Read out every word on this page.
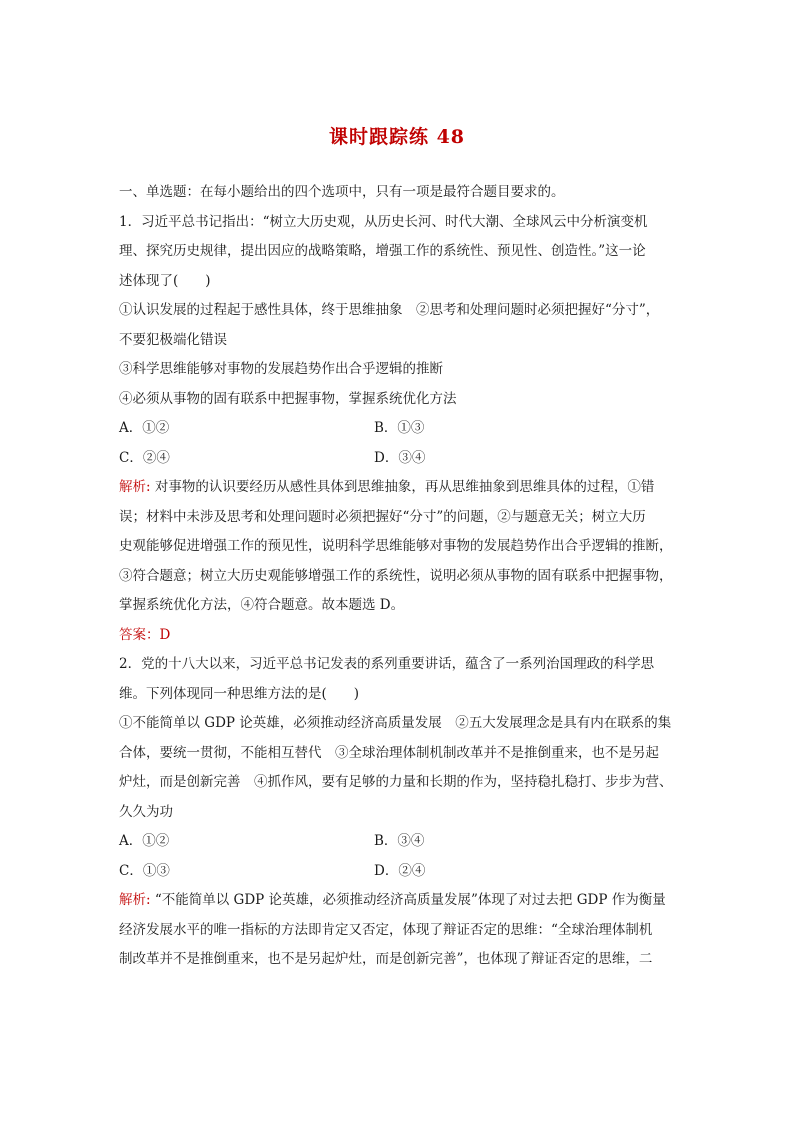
课时跟踪练 48

一、单选题：在每小题给出的四个选项中，只有一项是最符合题目要求的。

1．习近平总书记指出：“树立大历史观，从历史长河、时代大潮、全球风云中分析演变机

理、探究历史规律，提出因应的战略策略，增强工作的系统性、预见性、创造性。”这一论

述体现了(　　)

①认识发展的过程起于感性具体，终于思维抽象　②思考和处理问题时必须把握好“分寸”，

不要犯极端化错误

③科学思维能够对事物的发展趋势作出合乎逻辑的推断

④必须从事物的固有联系中把握事物，掌握系统优化方法

A．①②	B．①③
C．②④	D．③④

解析: 对事物的认识要经历从感性具体到思维抽象，再从思维抽象到思维具体的过程，①错

误；材料中未涉及思考和处理问题时必须把握好“分寸”的问题，②与题意无关；树立大历

史观能够促进增强工作的预见性，说明科学思维能够对事物的发展趋势作出合乎逻辑的推断，

③符合题意；树立大历史观能够增强工作的系统性，说明必须从事物的固有联系中把握事物，

掌握系统优化方法，④符合题意。故本题选 D。

答案：D

2．党的十八大以来，习近平总书记发表的系列重要讲话，蕴含了一系列治国理政的科学思

维。下列体现同一种思维方法的是(　　)

①不能简单以 GDP 论英雄，必须推动经济高质量发展　②五大发展理念是具有内在联系的集

合体，要统一贯彻，不能相互替代　③全球治理体制机制改革并不是推倒重来，也不是另起

炉灶，而是创新完善　④抓作风，要有足够的力量和长期的作为，坚持稳扎稳打、步步为营、

久久为功

A．①②	B．③④
C．①③	D．②④

解析: “不能简单以 GDP 论英雄，必须推动经济高质量发展”体现了对过去把 GDP 作为衡量

经济发展水平的唯一指标的方法即肯定又否定，体现了辩证否定的思维：“全球治理体制机

制改革并不是推倒重来，也不是另起炉灶，而是创新完善”，也体现了辩证否定的思维，二
